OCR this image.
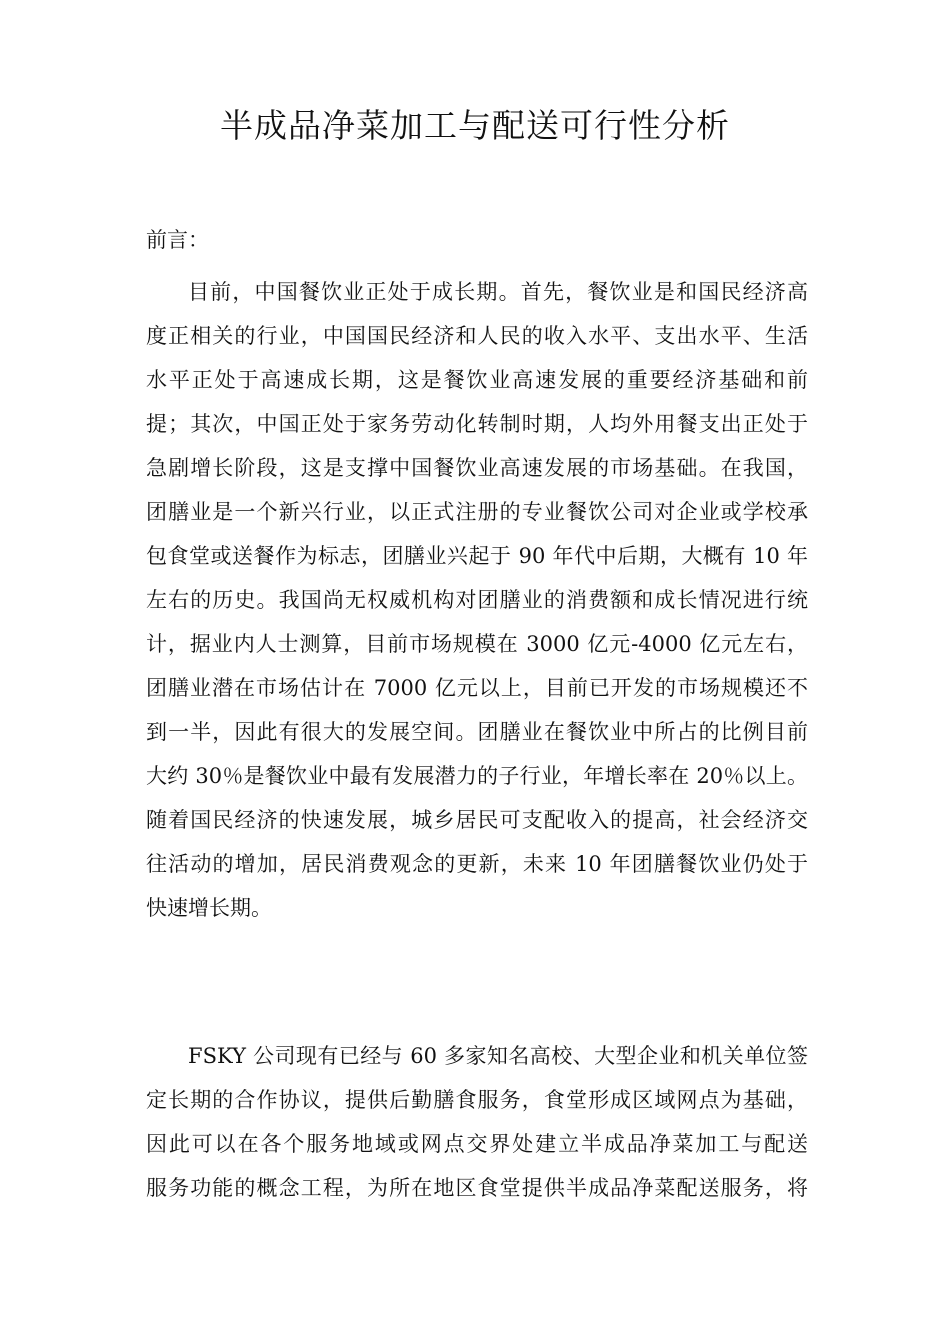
半成品净菜加工与配送可行性分析

前言：

目前，中国餐饮业正处于成长期。首先，餐饮业是和国民经济高

度正相关的行业，中国国民经济和人民的收入水平、支出水平、生活

水平正处于高速成长期，这是餐饮业高速发展的重要经济基础和前

提；其次，中国正处于家务劳动化转制时期，人均外用餐支出正处于

急剧增长阶段，这是支撑中国餐饮业高速发展的市场基础。在我国，

团膳业是一个新兴行业，以正式注册的专业餐饮公司对企业或学校承

包食堂或送餐作为标志，团膳业兴起于 90 年代中后期，大概有 10 年

左右的历史。我国尚无权威机构对团膳业的消费额和成长情况进行统

计，据业内人士测算，目前市场规模在 3000 亿元-4000 亿元左右，

团膳业潜在市场估计在 7000 亿元以上，目前已开发的市场规模还不

到一半，因此有很大的发展空间。团膳业在餐饮业中所占的比例目前

大约 30％是餐饮业中最有发展潜力的子行业，年增长率在 20％以上。

随着国民经济的快速发展，城乡居民可支配收入的提高，社会经济交

往活动的增加，居民消费观念的更新，未来 10 年团膳餐饮业仍处于

快速增长期。

FSKY 公司现有已经与 60 多家知名高校、大型企业和机关单位签

定长期的合作协议，提供后勤膳食服务，食堂形成区域网点为基础，

因此可以在各个服务地域或网点交界处建立半成品净菜加工与配送

服务功能的概念工程，为所在地区食堂提供半成品净菜配送服务，将
